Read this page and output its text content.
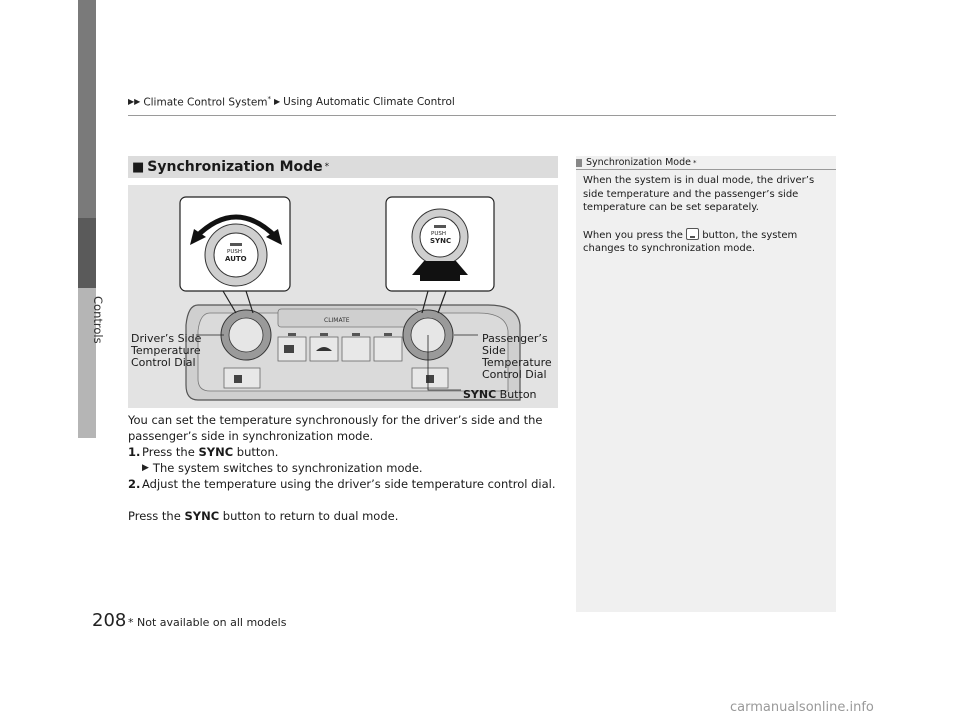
Controls
▶ ▶ Climate Control System* ▶ Using Automatic Climate Control
■ Synchronization Mode *
CLIMATE
PUSH
AUTO
PUSH
SYNC
Driver’s Side
Temperature
Control Dial
Passenger’s
Side
Temperature
Control Dial
SYNC Button

You can set the temperature synchronously for the driver’s side and the passenger’s side in synchronization mode.

1. Press the SYNC button.
▶ The system switches to synchronization mode.
2. Adjust the temperature using the driver’s side temperature control dial.

Press the SYNC button to return to dual mode.

Synchronization Mode *

When the system is in dual mode, the driver’s side temperature and the passenger’s side temperature can be set separately.

When you press the  button, the system changes to synchronization mode.

208 * Not available on all models
carmanualsonline.info
